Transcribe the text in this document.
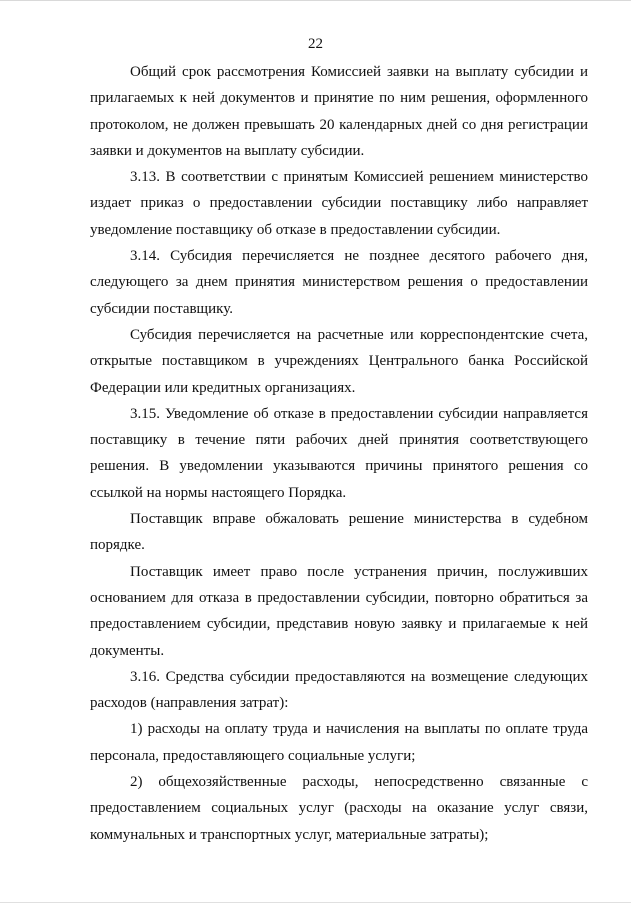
22

Общий срок рассмотрения Комиссией заявки на выплату субсидии и прилагаемых к ней документов и принятие по ним решения, оформленного протоколом, не должен превышать 20 календарных дней со дня регистрации заявки и документов на выплату субсидии.

3.13. В соответствии с принятым Комиссией решением министерство издает приказ о предоставлении субсидии поставщику либо направляет уведомление поставщику об отказе в предоставлении субсидии.

3.14. Субсидия перечисляется не позднее десятого рабочего дня, следующего за днем принятия министерством решения о предоставлении субсидии поставщику.

Субсидия перечисляется на расчетные или корреспондентские счета, открытые поставщиком в учреждениях Центрального банка Российской Федерации или кредитных организациях.

3.15. Уведомление об отказе в предоставлении субсидии направляется поставщику в течение пяти рабочих дней принятия соответствующего решения. В уведомлении указываются причины принятого решения со ссылкой на нормы настоящего Порядка.

Поставщик вправе обжаловать решение министерства в судебном порядке.

Поставщик имеет право после устранения причин, послуживших основанием для отказа в предоставлении субсидии, повторно обратиться за предоставлением субсидии, представив новую заявку и прилагаемые к ней документы.

3.16. Средства субсидии предоставляются на возмещение следующих расходов (направления затрат):

1) расходы на оплату труда и начисления на выплаты по оплате труда персонала, предоставляющего социальные услуги;

2) общехозяйственные расходы, непосредственно связанные с предоставлением социальных услуг (расходы на оказание услуг связи, коммунальных и транспортных услуг, материальные затраты);
